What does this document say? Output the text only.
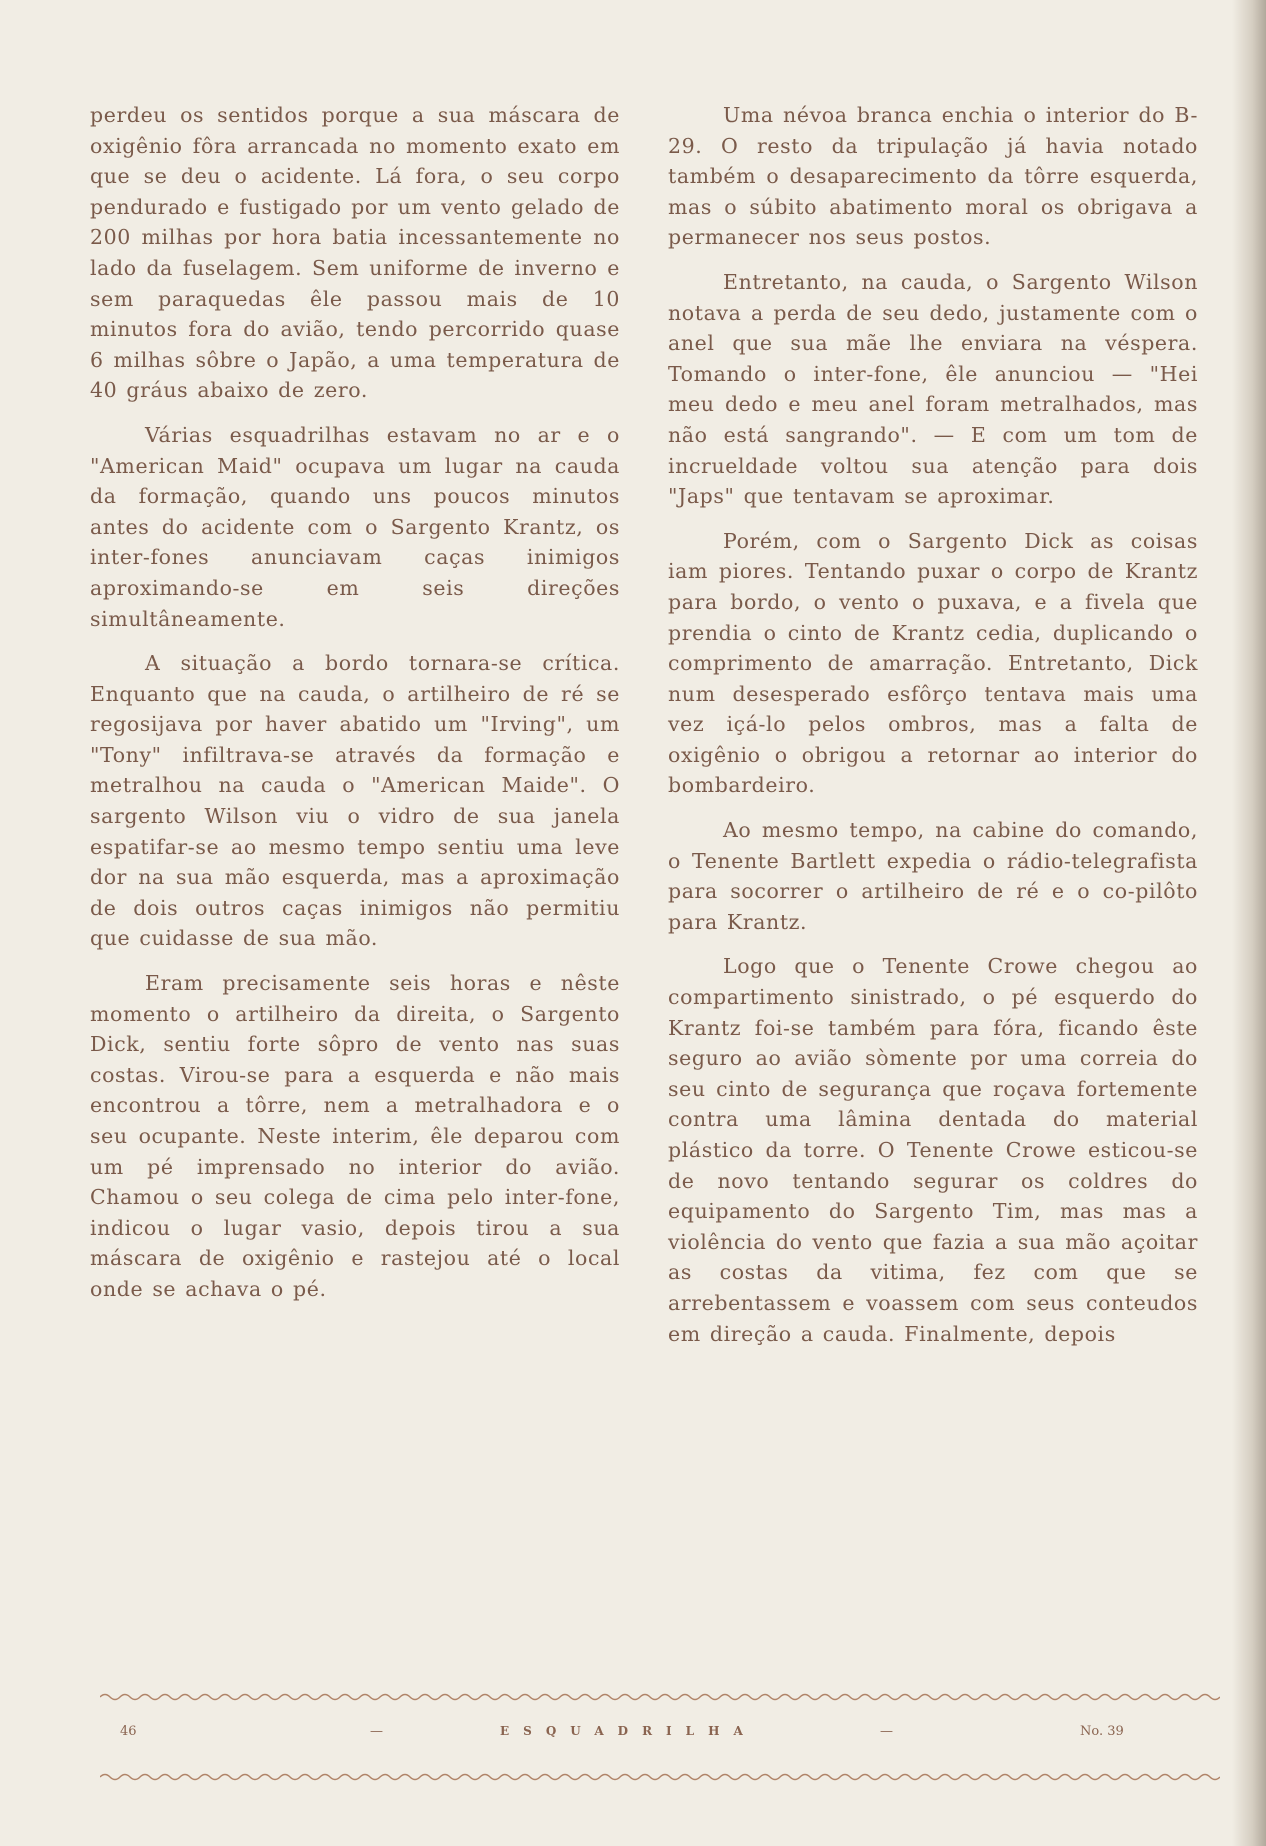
perdeu os sentidos porque a sua máscara de oxigênio fôra arrancada no momento exato em que se deu o acidente. Lá fora, o seu corpo pendurado e fustigado por um vento gelado de 200 milhas por hora batia incessantemente no lado da fuselagem. Sem uniforme de inverno e sem paraquedas êle passou mais de 10 minutos fora do avião, tendo percorrido quase 6 milhas sôbre o Japão, a uma temperatura de 40 gráus abaixo de zero.

Várias esquadrilhas estavam no ar e o "American Maid" ocupava um lugar na cauda da formação, quando uns poucos minutos antes do acidente com o Sargento Krantz, os inter-fones anunciavam caças inimigos aproximando-se em seis direções simultâneamente.

A situação a bordo tornara-se crítica. Enquanto que na cauda, o artilheiro de ré se regosijava por haver abatido um "Irving", um "Tony" infiltrava-se através da formação e metralhou na cauda o "American Maide". O sargento Wilson viu o vidro de sua janela espatifar-se ao mesmo tempo sentiu uma leve dor na sua mão esquerda, mas a aproximação de dois outros caças inimigos não permitiu que cuidasse de sua mão.

Eram precisamente seis horas e nêste momento o artilheiro da direita, o Sargento Dick, sentiu forte sôpro de vento nas suas costas. Virou-se para a esquerda e não mais encontrou a tôrre, nem a metralhadora e o seu ocupante. Neste interim, êle deparou com um pé imprensado no interior do avião. Chamou o seu colega de cima pelo inter-fone, indicou o lugar vasio, depois tirou a sua máscara de oxigênio e rastejou até o local onde se achava o pé.

Uma névoa branca enchia o interior do B-29. O resto da tripulação já havia notado também o desaparecimento da tôrre esquerda, mas o súbito abatimento moral os obrigava a permanecer nos seus postos.

Entretanto, na cauda, o Sargento Wilson notava a perda de seu dedo, justamente com o anel que sua mãe lhe enviara na véspera. Tomando o inter-fone, êle anunciou — "Hei meu dedo e meu anel foram metralhados, mas não está sangrando". — E com um tom de incrueldade voltou sua atenção para dois "Japs" que tentavam se aproximar.

Porém, com o Sargento Dick as coisas iam piores. Tentando puxar o corpo de Krantz para bordo, o vento o puxava, e a fivela que prendia o cinto de Krantz cedia, duplicando o comprimento de amarração. Entretanto, Dick num desesperado esfôrço tentava mais uma vez içá-lo pelos ombros, mas a falta de oxigênio o obrigou a retornar ao interior do bombardeiro.

Ao mesmo tempo, na cabine do comando, o Tenente Bartlett expedia o rádio-telegrafista para socorrer o artilheiro de ré e o co-pilôto para Krantz.

Logo que o Tenente Crowe chegou ao compartimento sinistrado, o pé esquerdo do Krantz foi-se também para fóra, ficando êste seguro ao avião sòmente por uma correia do seu cinto de segurança que roçava fortemente contra uma lâmina dentada do material plástico da torre. O Tenente Crowe esticou-se de novo tentando segurar os coldres do equipamento do Sargento Tim, mas mas a violência do vento que fazia a sua mão açoitar as costas da vitima, fez com que se arrebentassem e voassem com seus conteudos em direção a cauda. Finalmente, depois

46	—	ESQUADRILHA	—	No. 39
